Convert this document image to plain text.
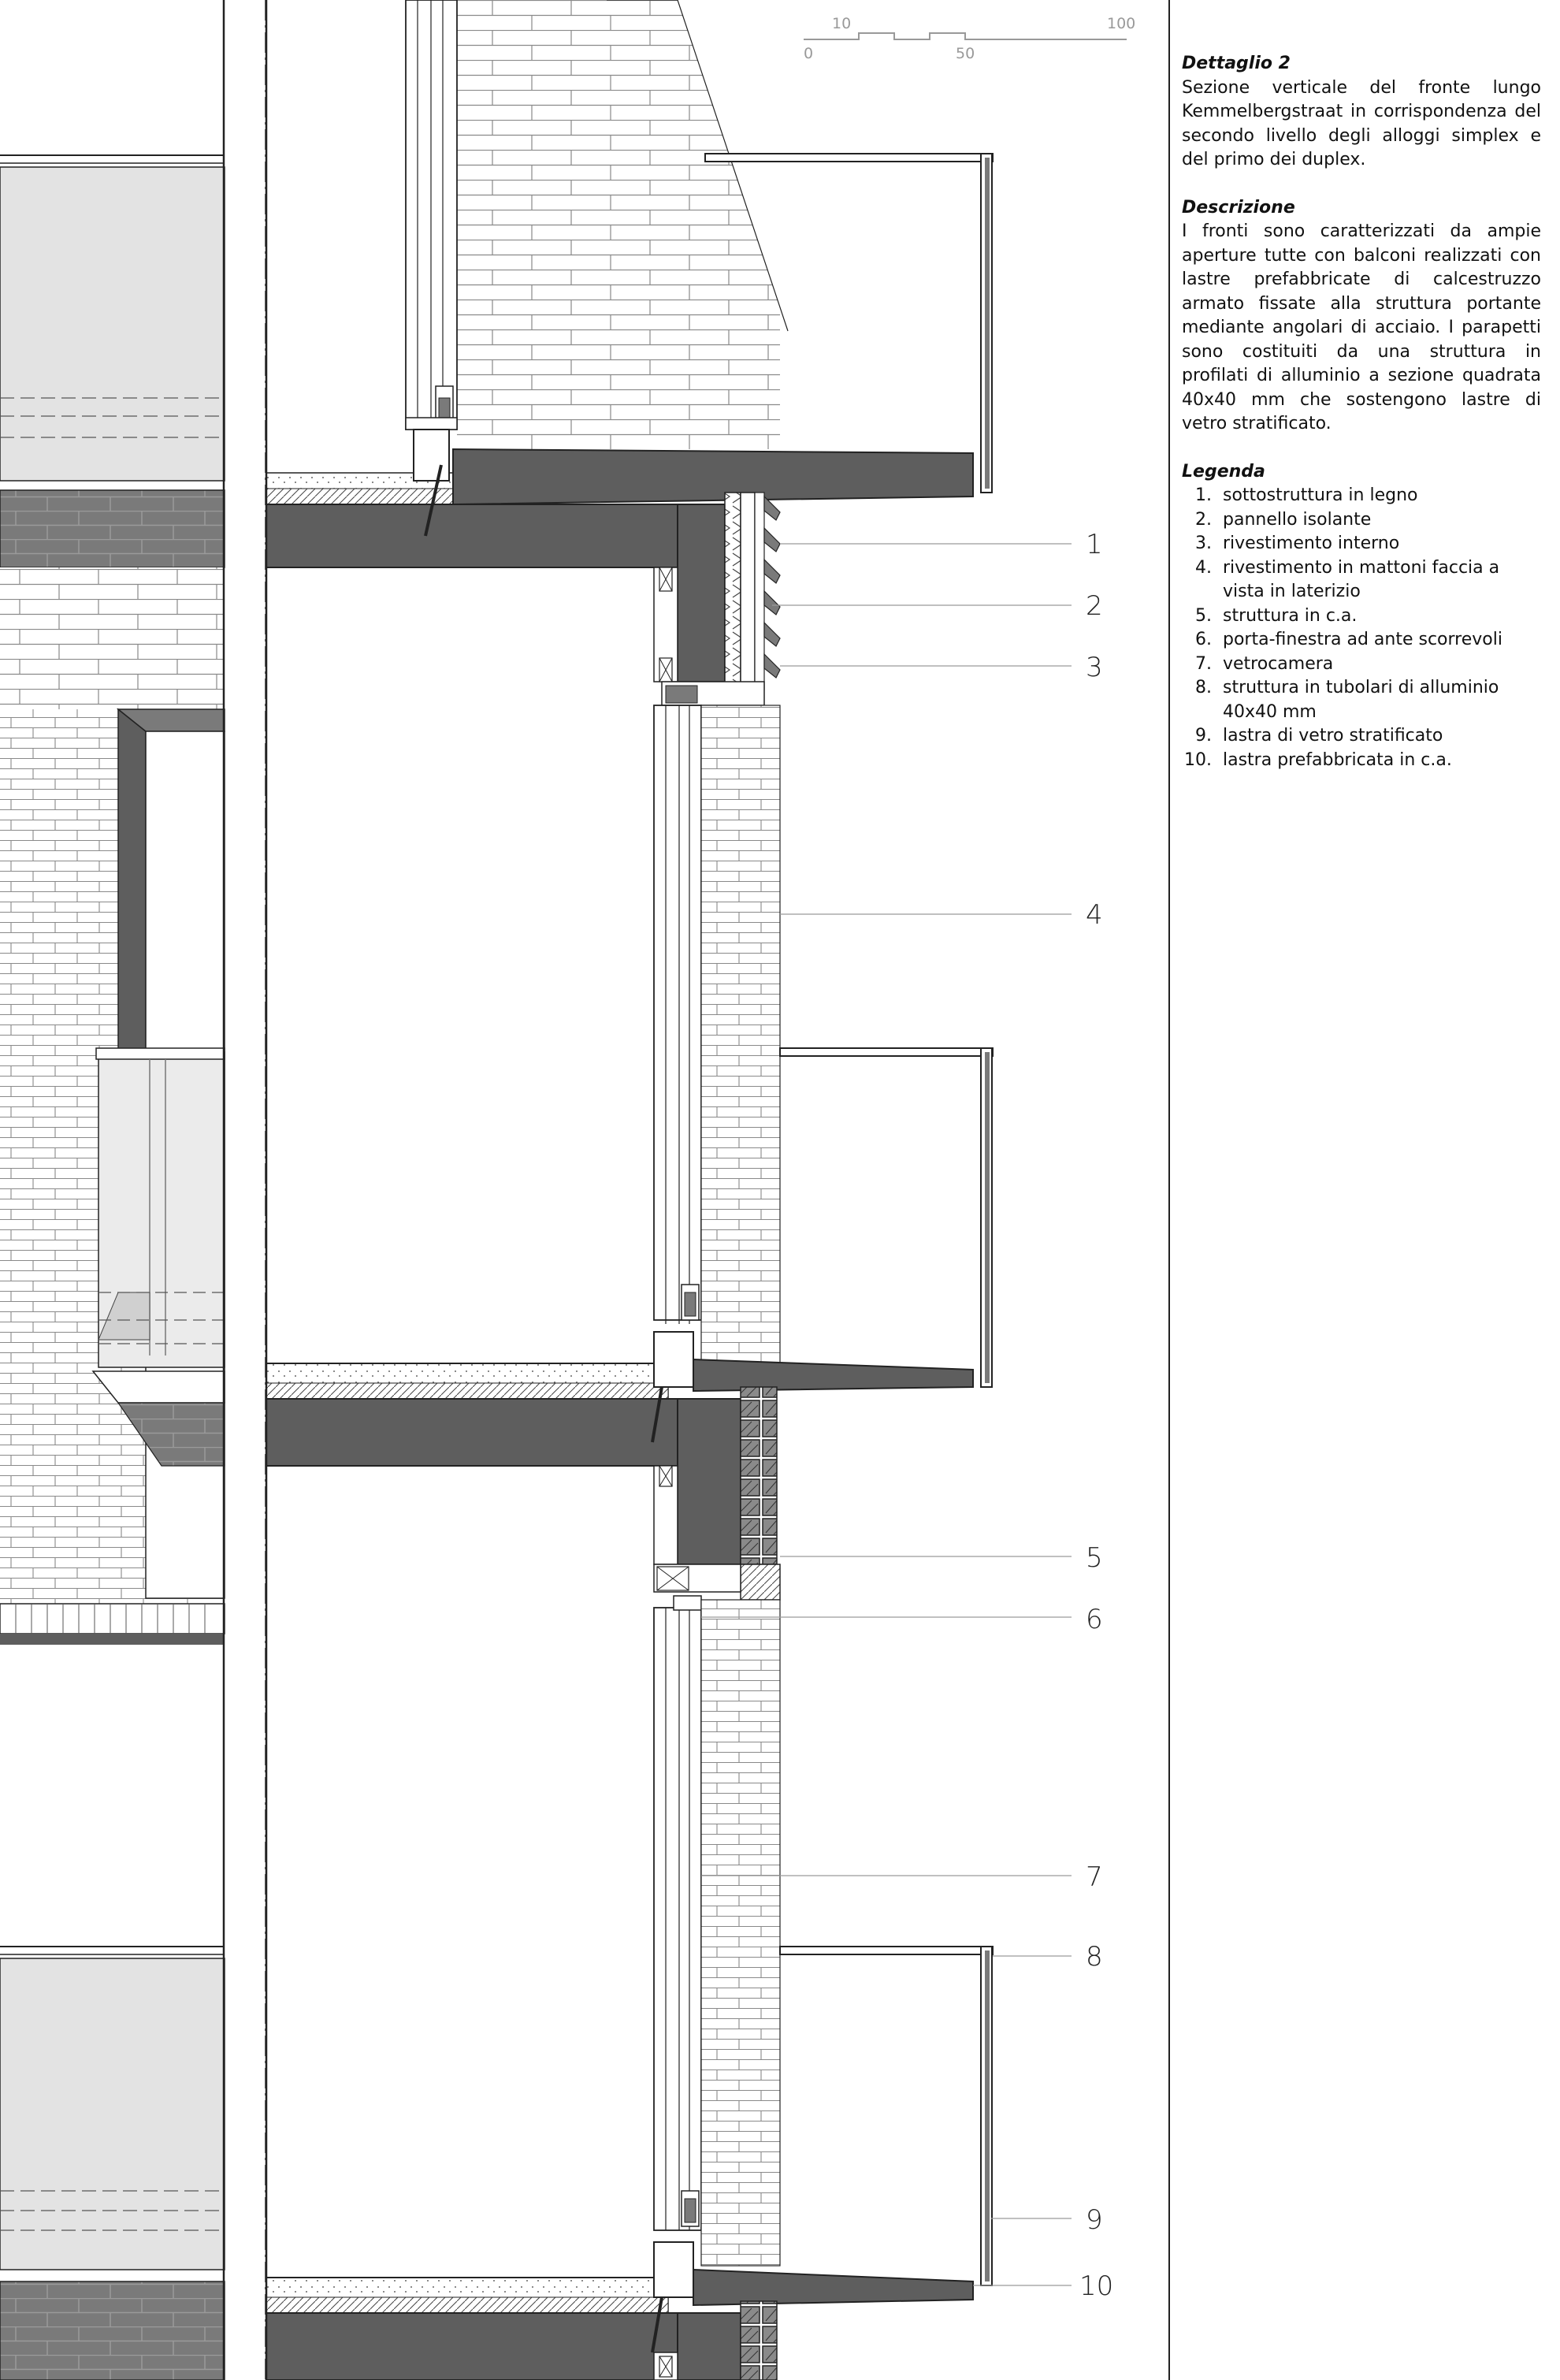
10	100
0	50
1
2
3
4
5
6
7
8
9
10
Dettaglio 2

Sezione verticale del fronte lungo Kemmelbergstraat in corrispondenza del secondo livello degli alloggi simplex e del primo dei duplex.

Descrizione

I fronti sono caratterizzati da ampie aperture tutte con balconi realizzati con lastre prefabbricate di calcestruzzo armato fissate alla struttura portante mediante angolari di acciaio. I parapetti sono costituiti da una struttura in profilati di alluminio a sezione quadrata 40x40 mm che sostengono lastre di vetro stratificato.

Legenda
1. sottostruttura in legno
2. pannello isolante
3. rivestimento interno
4. rivestimento in mattoni faccia a vista in laterizio
5. struttura in c.a.
6. porta-finestra ad ante scorrevoli
7. vetrocamera
8. struttura in tubolari di alluminio 40x40 mm
9. lastra di vetro stratificato
10. lastra prefabbricata in c.a.
